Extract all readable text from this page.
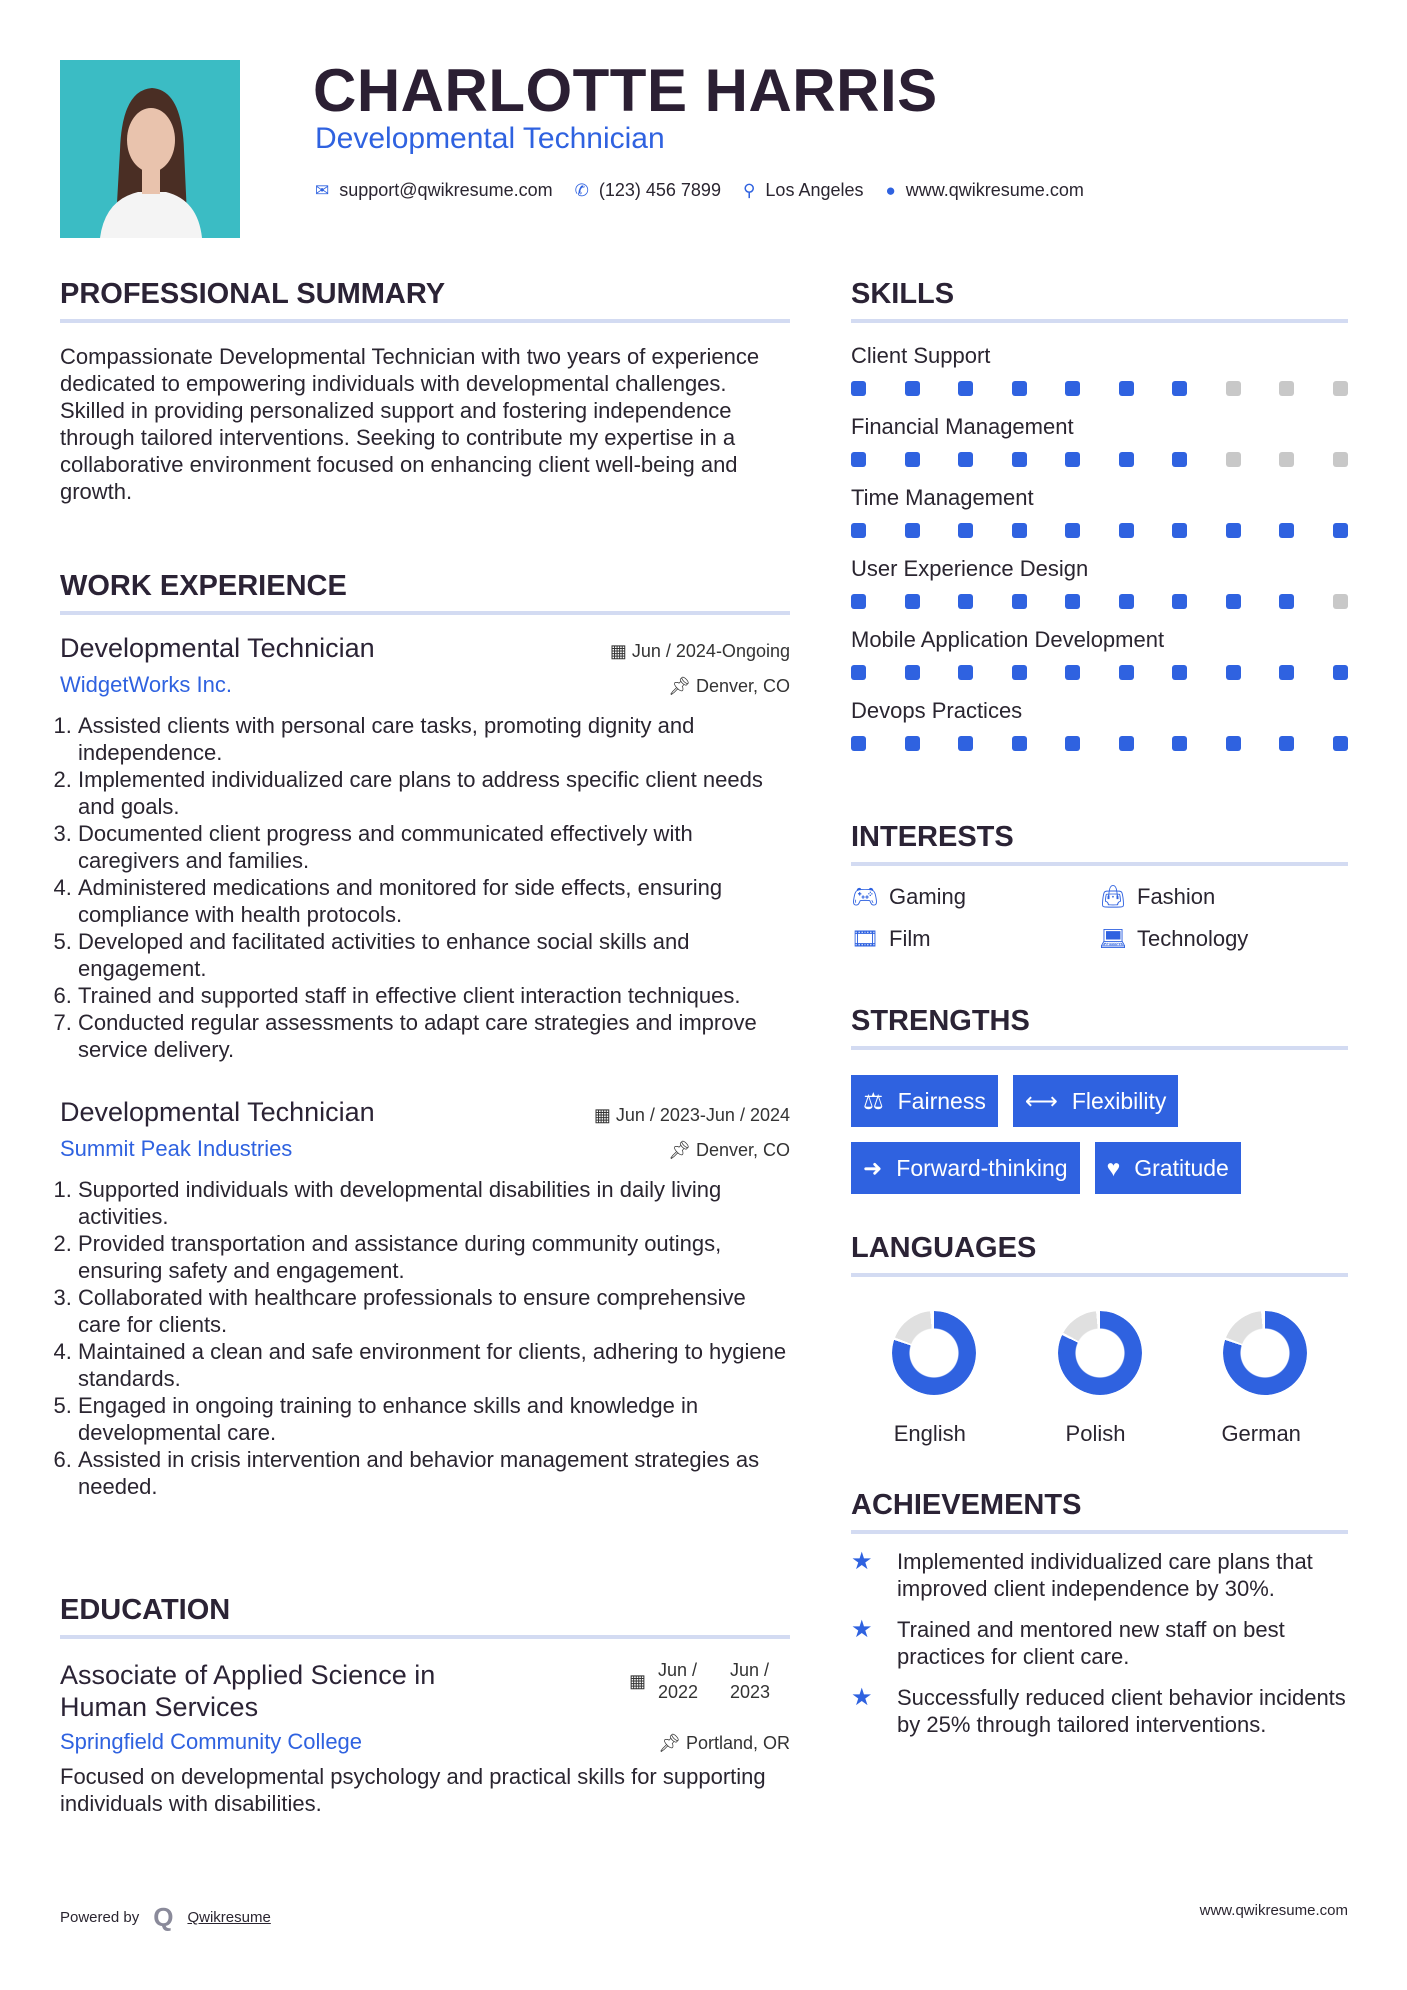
CHARLOTTE HARRIS
Developmental Technician
✉ support@qwikresume.com ✆ (123) 456 7899 ⚲ Los Angeles ● www.qwikresume.com
PROFESSIONAL SUMMARY

Compassionate Developmental Technician with two years of experience dedicated to empowering individuals with developmental challenges. Skilled in providing personalized support and fostering independence through tailored interventions. Seeking to contribute my expertise in a collaborative environment focused on enhancing client well-being and growth.

WORK EXPERIENCE
Developmental Technician	▦ Jun / 2024-Ongoing
WidgetWorks Inc.	📌︎ Denver, CO
1. Assisted clients with personal care tasks, promoting dignity and independence.
2. Implemented individualized care plans to address specific client needs and goals.
3. Documented client progress and communicated effectively with caregivers and families.
4. Administered medications and monitored for side effects, ensuring compliance with health protocols.
5. Developed and facilitated activities to enhance social skills and engagement.
6. Trained and supported staff in effective client interaction techniques.
7. Conducted regular assessments to adapt care strategies and improve service delivery.
Developmental Technician	▦ Jun / 2023-Jun / 2024
Summit Peak Industries	📌︎ Denver, CO
1. Supported individuals with developmental disabilities in daily living activities.
2. Provided transportation and assistance during community outings, ensuring safety and engagement.
3. Collaborated with healthcare professionals to ensure comprehensive care for clients.
4. Maintained a clean and safe environment for clients, adhering to hygiene standards.
5. Engaged in ongoing training to enhance skills and knowledge in developmental care.
6. Assisted in crisis intervention and behavior management strategies as needed.
EDUCATION
Associate of Applied Science in Human Services
▦
Jun / 2022
Jun / 2023
Springfield Community College	📌︎ Portland, OR

Focused on developmental psychology and practical skills for supporting individuals with disabilities.

SKILLS
Client Support
Financial Management
Time Management
User Experience Design
Mobile Application Development
Devops Practices
INTERESTS
🎮︎ Gaming	👜︎ Fashion
🎞︎ Film	💻︎ Technology
STRENGTHS
⚖ Fairness ⟷ Flexibility
➜ Forward-thinking ♥ Gratitude
LANGUAGES
English	Polish	German
ACHIEVEMENTS
★	Implemented individualized care plans that improved client independence by 30%.
★	Trained and mentored new staff on best practices for client care.
★	Successfully reduced client behavior incidents by 25% through tailored interventions.
Powered by Q Qwikresume	www.qwikresume.com
